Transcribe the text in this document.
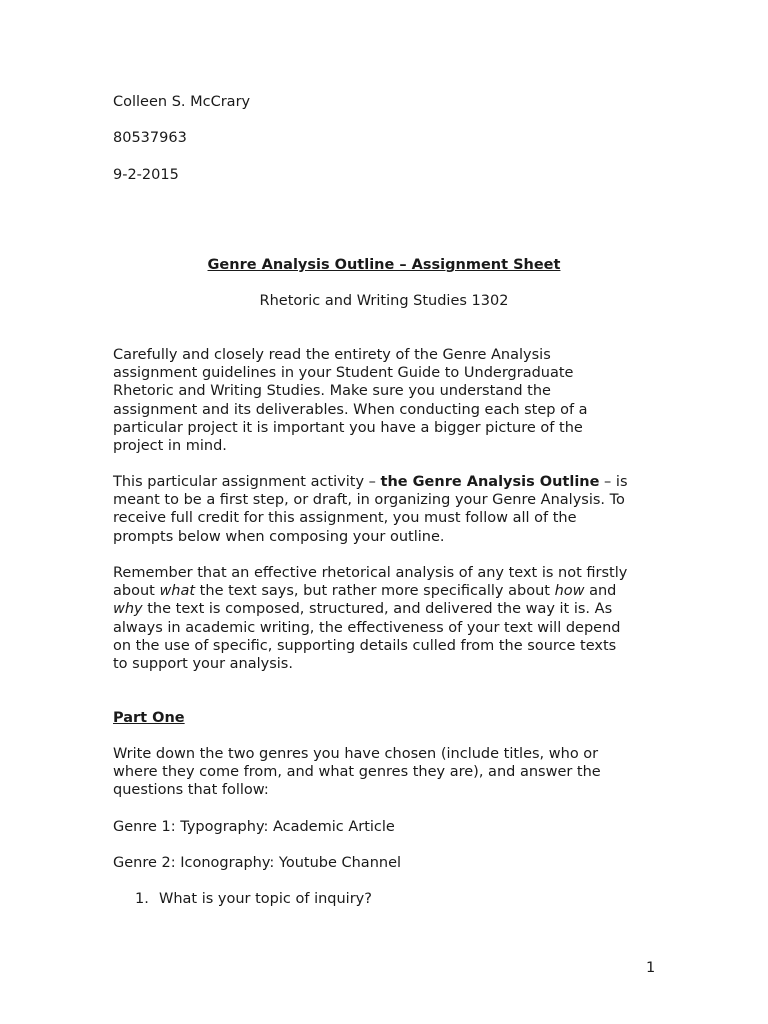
Colleen S. McCrary
80537963
9-2-2015
Genre Analysis Outline – Assignment Sheet
Rhetoric and Writing Studies 1302

Carefully and closely read the entirety of the Genre Analysis

assignment guidelines in your Student Guide to Undergraduate

Rhetoric and Writing Studies. Make sure you understand the

assignment and its deliverables. When conducting each step of a

particular project it is important you have a bigger picture of the

project in mind.

This particular assignment activity – the Genre Analysis Outline – is

meant to be a first step, or draft, in organizing your Genre Analysis. To

receive full credit for this assignment, you must follow all of the

prompts below when composing your outline.

Remember that an effective rhetorical analysis of any text is not firstly

about what the text says, but rather more specifically about how and

why the text is composed, structured, and delivered the way it is. As

always in academic writing, the effectiveness of your text will depend

on the use of specific, supporting details culled from the source texts

to support your analysis.

Part One

Write down the two genres you have chosen (include titles, who or

where they come from, and what genres they are), and answer the

questions that follow:

Genre 1: Typography: Academic Article
Genre 2: Iconography: Youtube Channel
1. What is your topic of inquiry?
1
